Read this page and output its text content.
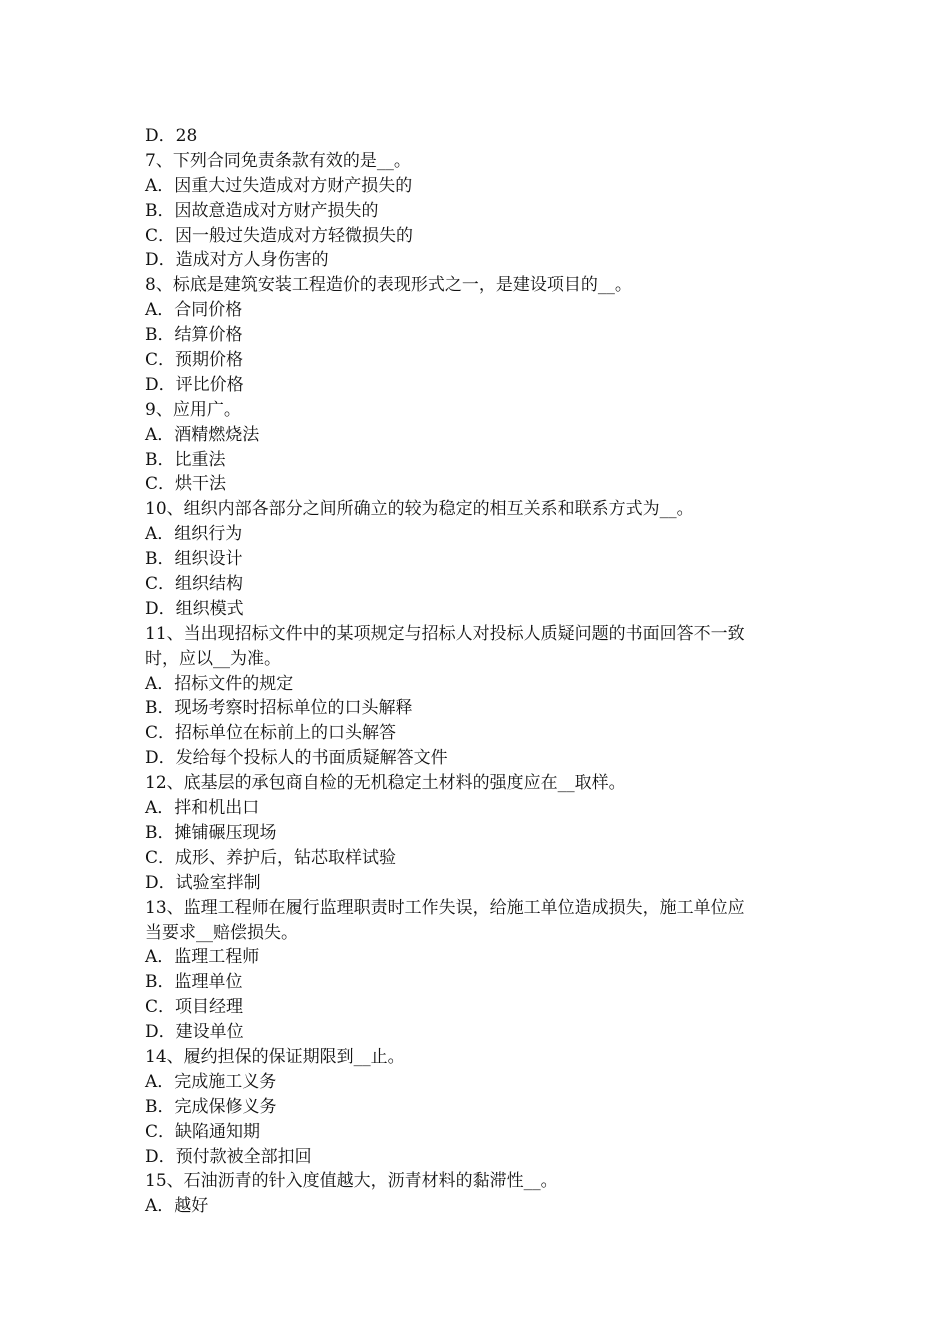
D．28

7、下列合同免责条款有效的是__。

A．因重大过失造成对方财产损失的

B．因故意造成对方财产损失的

C．因一般过失造成对方轻微损失的

D．造成对方人身伤害的

8、标底是建筑安装工程造价的表现形式之一，是建设项目的__。

A．合同价格

B．结算价格

C．预期价格

D．评比价格

9、应用广。

A．酒精燃烧法

B．比重法

C．烘干法

10、组织内部各部分之间所确立的较为稳定的相互关系和联系方式为__。

A．组织行为

B．组织设计

C．组织结构

D．组织模式

11、当出现招标文件中的某项规定与招标人对投标人质疑问题的书面回答不一致

时，应以__为准。

A．招标文件的规定

B．现场考察时招标单位的口头解释

C．招标单位在标前上的口头解答

D．发给每个投标人的书面质疑解答文件

12、底基层的承包商自检的无机稳定土材料的强度应在__取样。

A．拌和机出口

B．摊铺碾压现场

C．成形、养护后，钻芯取样试验

D．试验室拌制

13、监理工程师在履行监理职责时工作失误，给施工单位造成损失，施工单位应

当要求__赔偿损失。

A．监理工程师

B．监理单位

C．项目经理

D．建设单位

14、履约担保的保证期限到__止。

A．完成施工义务

B．完成保修义务

C．缺陷通知期

D．预付款被全部扣回

15、石油沥青的针入度值越大，沥青材料的黏滞性__。

A．越好
